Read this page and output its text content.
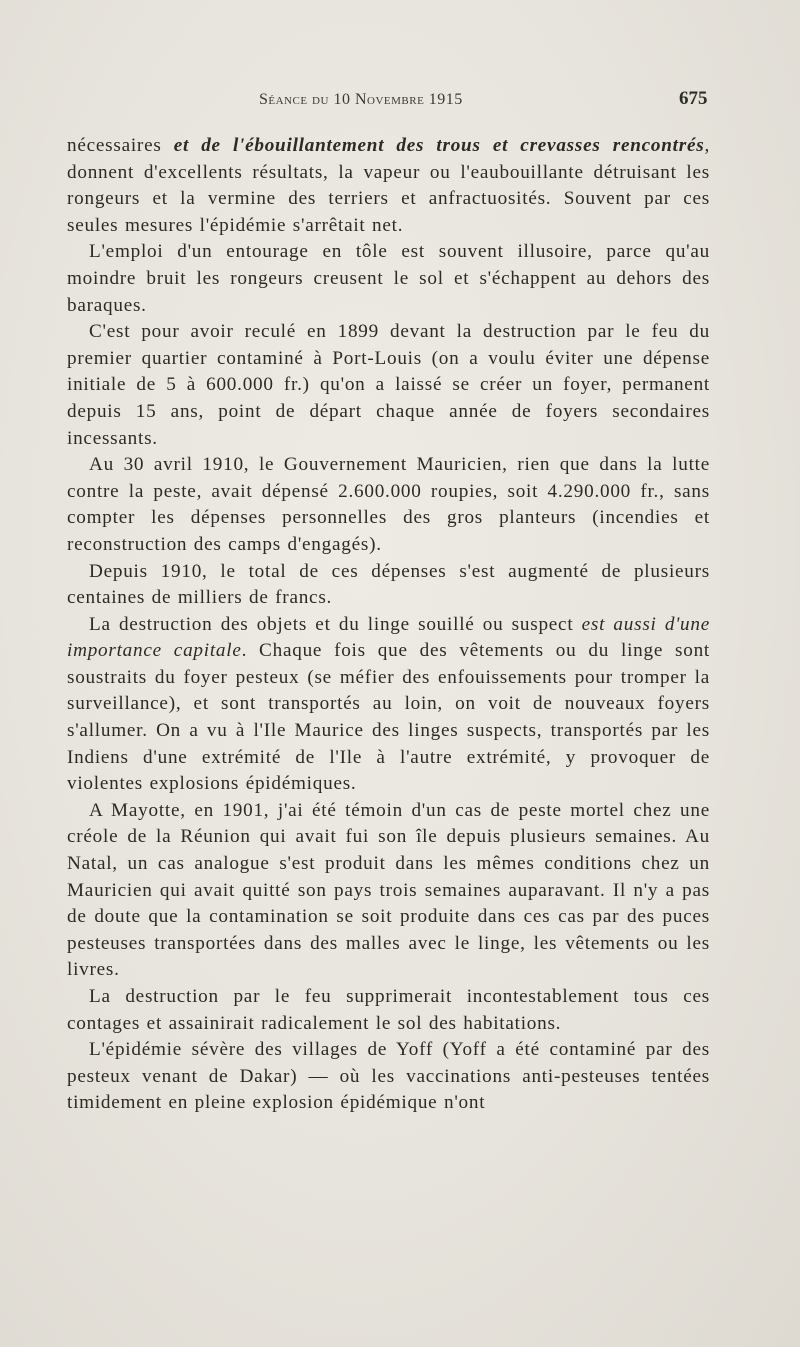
Séance du 10 Novembre 1915	675

nécessaires et de l'ébouillantement des trous et crevasses rencontrés, donnent d'excellents résultats, la vapeur ou l'eaubouillante détruisant les rongeurs et la vermine des terriers et anfractuosités. Souvent par ces seules mesures l'épidémie s'arrêtait net.

L'emploi d'un entourage en tôle est souvent illusoire, parce qu'au moindre bruit les rongeurs creusent le sol et s'échappent au dehors des baraques.

C'est pour avoir reculé en 1899 devant la destruction par le feu du premier quartier contaminé à Port-Louis (on a voulu éviter une dépense initiale de 5 à 600.000 fr.) qu'on a laissé se créer un foyer, permanent depuis 15 ans, point de départ chaque année de foyers secondaires incessants.

Au 30 avril 1910, le Gouvernement Mauricien, rien que dans la lutte contre la peste, avait dépensé 2.600.000 roupies, soit 4.290.000 fr., sans compter les dépenses personnelles des gros planteurs (incendies et reconstruction des camps d'engagés).

Depuis 1910, le total de ces dépenses s'est augmenté de plusieurs centaines de milliers de francs.

La destruction des objets et du linge souillé ou suspect est aussi d'une importance capitale. Chaque fois que des vêtements ou du linge sont soustraits du foyer pesteux (se méfier des enfouissements pour tromper la surveillance), et sont transportés au loin, on voit de nouveaux foyers s'allumer. On a vu à l'Ile Maurice des linges suspects, transportés par les Indiens d'une extrémité de l'Ile à l'autre extrémité, y provoquer de violentes explosions épidémiques.

A Mayotte, en 1901, j'ai été témoin d'un cas de peste mortel chez une créole de la Réunion qui avait fui son île depuis plusieurs semaines. Au Natal, un cas analogue s'est produit dans les mêmes conditions chez un Mauricien qui avait quitté son pays trois semaines auparavant. Il n'y a pas de doute que la contamination se soit produite dans ces cas par des puces pesteuses transportées dans des malles avec le linge, les vêtements ou les livres.

La destruction par le feu supprimerait incontestablement tous ces contages et assainirait radicalement le sol des habitations.

L'épidémie sévère des villages de Yoff (Yoff a été contaminé par des pesteux venant de Dakar) — où les vaccinations anti-pesteuses tentées timidement en pleine explosion épidémique n'ont
